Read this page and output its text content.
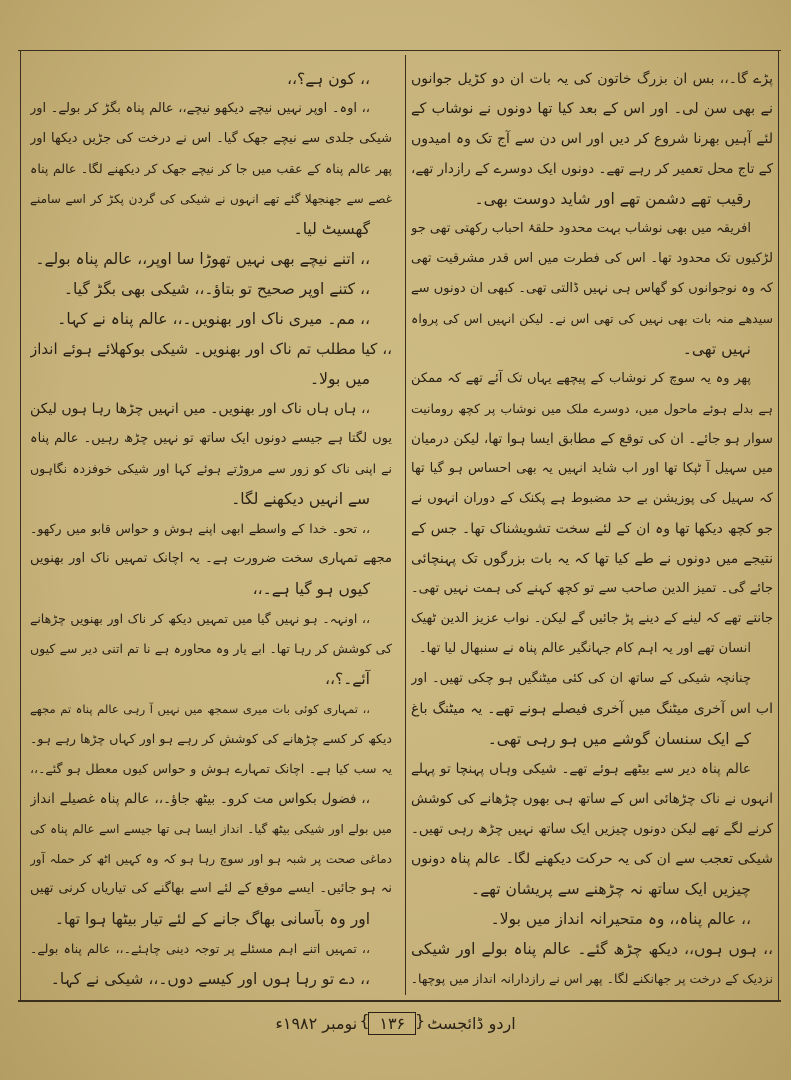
پڑے گا۔،، بس ان بزرگ خاتون کی یہ بات ان دو کڑیل جوانوں
نے بھی سن لی۔ اور اس کے بعد کیا تھا دونوں نے نوشاب کے
لئے آہیں بھرنا شروع کر دیں اور اس دن سے آج تک وہ امیدوں
کے تاج محل تعمیر کر رہے تھے۔ دونوں ایک دوسرے کے رازدار تھے،
رقیب تھے دشمن تھے اور شاید دوست بھی۔
افریقہ میں بھی نوشاب بہت محدود حلقۂ احباب رکھتی تھی جو
لڑکیوں تک محدود تھا۔ اس کی فطرت میں اس قدر مشرقیت تھی
کہ وہ نوجوانوں کو گھاس ہی نہیں ڈالتی تھی۔ کبھی ان دونوں سے
سیدھے منہ بات بھی نہیں کی تھی اس نے۔ لیکن انہیں اس کی پرواہ
نہیں تھی۔
پھر وہ یہ سوچ کر نوشاب کے پیچھے یہاں تک آئے تھے کہ ممکن
ہے بدلے ہوئے ماحول میں، دوسرے ملک میں نوشاب پر کچھ رومانیت
سوار ہو جائے۔ ان کی توقع کے مطابق ایسا ہوا تھا، لیکن درمیان
میں سہیل آ ٹپکا تھا اور اب شاید انہیں یہ بھی احساس ہو گیا تھا
کہ سہیل کی پوزیشن بے حد مضبوط ہے پکنک کے دوران انہوں نے
جو کچھ دیکھا تھا وہ ان کے لئے سخت تشویشناک تھا۔ جس کے
نتیجے میں دونوں نے طے کیا تھا کہ یہ بات بزرگوں تک پہنچائی
جائے گی۔ تمیز الدین صاحب سے تو کچھ کہنے کی ہمت نہیں تھی۔
جانتے تھے کہ لینے کے دینے پڑ جائیں گے لیکن۔ نواب عزیز الدین ٹھیک
انسان تھے اور یہ اہم کام جہانگیر عالم پناہ نے سنبھال لیا تھا۔
چنانچہ شیکی کے ساتھ ان کی کئی میٹنگیں ہو چکی تھیں۔ اور
اب اس آخری میٹنگ میں آخری فیصلے ہونے تھے۔ یہ میٹنگ باغ
کے ایک سنسان گوشے میں ہو رہی تھی۔
عالم پناہ دیر سے بیٹھے ہوئے تھے۔ شیکی وہاں پہنچا تو پہلے
انہوں نے ناک چڑھائی اس کے ساتھ ہی بھوں چڑھانے کی کوشش
کرنے لگے تھے لیکن دونوں چیزیں ایک ساتھ نہیں چڑھ رہی تھیں۔
شیکی تعجب سے ان کی یہ حرکت دیکھنے لگا۔ عالم پناہ دونوں
چیزیں ایک ساتھ نہ چڑھنے سے پریشان تھے۔
،، عالم پناہ،، وہ متحیرانہ انداز میں بولا۔
،، ہوں ہوں،، دیکھ چڑھ گئے۔ عالم پناہ بولے اور شیکی
نزدیک کے درخت پر جھانکنے لگا۔ پھر اس نے رازدارانہ انداز میں پوچھا۔
،، کون ہے؟،،
،، اوہ۔ اوپر نہیں نیچے دیکھو نیچے،، عالم پناہ بگڑ کر بولے۔ اور
شیکی جلدی سے نیچے جھک گیا۔ اس نے درخت کی جڑیں دیکھا اور
پھر عالم پناہ کے عقب میں جا کر نیچے جھک کر دیکھنے لگا۔ عالم پناہ
غصے سے جھنجھلا گئے تھے انہوں نے شیکی کی گردن پکڑ کر اسے سامنے
گھسیٹ لیا۔
،، اتنے نیچے بھی نہیں تھوڑا سا اوپر،، عالم پناہ بولے۔
،، کتنے اوپر صحیح تو بتاؤ۔،، شیکی بھی بگڑ گیا۔
،، مم۔ میری ناک اور بھنویں۔،، عالم پناہ نے کہا۔
،، کیا مطلب تم ناک اور بھنویں۔ شیکی بوکھلائے ہوئے انداز
میں بولا۔
،، ہاں ہاں ناک اور بھنویں۔ میں انہیں چڑھا رہا ہوں لیکن
یوں لگتا ہے جیسے دونوں ایک ساتھ تو نہیں چڑھ رہیں۔ عالم پناہ
نے اپنی ناک کو زور سے مروڑتے ہوئے کہا اور شیکی خوفزدہ نگاہوں
سے انہیں دیکھنے لگا۔
،، تحو۔ خدا کے واسطے ابھی اپنے ہوش و حواس قابو میں رکھو۔
مجھے تمہاری سخت ضرورت ہے۔ یہ اچانک تمہیں ناک اور بھنویں
کیوں ہو گیا ہے۔،،
،، اونہہ۔ ہو نہیں گیا میں تمہیں دیکھ کر ناک اور بھنویں چڑھانے
کی کوشش کر رہا تھا۔ ابے یار وہ محاورہ ہے نا تم اتنی دیر سے کیوں
آئے۔؟،،
،، تمہاری کوئی بات میری سمجھ میں نہیں آ رہی عالم پناہ تم مجھے
دیکھ کر کسے چڑھانے کی کوشش کر رہے ہو اور کہاں چڑھا رہے ہو۔
یہ سب کیا ہے۔ اچانک تمہارے ہوش و حواس کیوں معطل ہو گئے۔،،
،، فضول بکواس مت کرو۔ بیٹھ جاؤ۔،، عالم پناہ غصیلے انداز
میں بولے اور شیکی بیٹھ گیا۔ انداز ایسا ہی تھا جیسے اسے عالم پناہ کی
دماغی صحت پر شبہ ہو اور سوچ رہا ہو کہ وہ کہیں اٹھ کر حملہ آور
نہ ہو جائیں۔ ایسے موقع کے لئے اسے بھاگنے کی تیاریاں کرنی تھیں
اور وہ بآسانی بھاگ جانے کے لئے تیار بیٹھا ہوا تھا۔
،، تمہیں اتنے اہم مسئلے پر توجہ دینی چاہئے۔،، عالم پناہ بولے۔
،، دے تو رہا ہوں اور کیسے دوں۔،، شیکی نے کہا۔
اردو ڈائجسٹ { ۱۳۶ } نومبر ۱۹۸۲ء
